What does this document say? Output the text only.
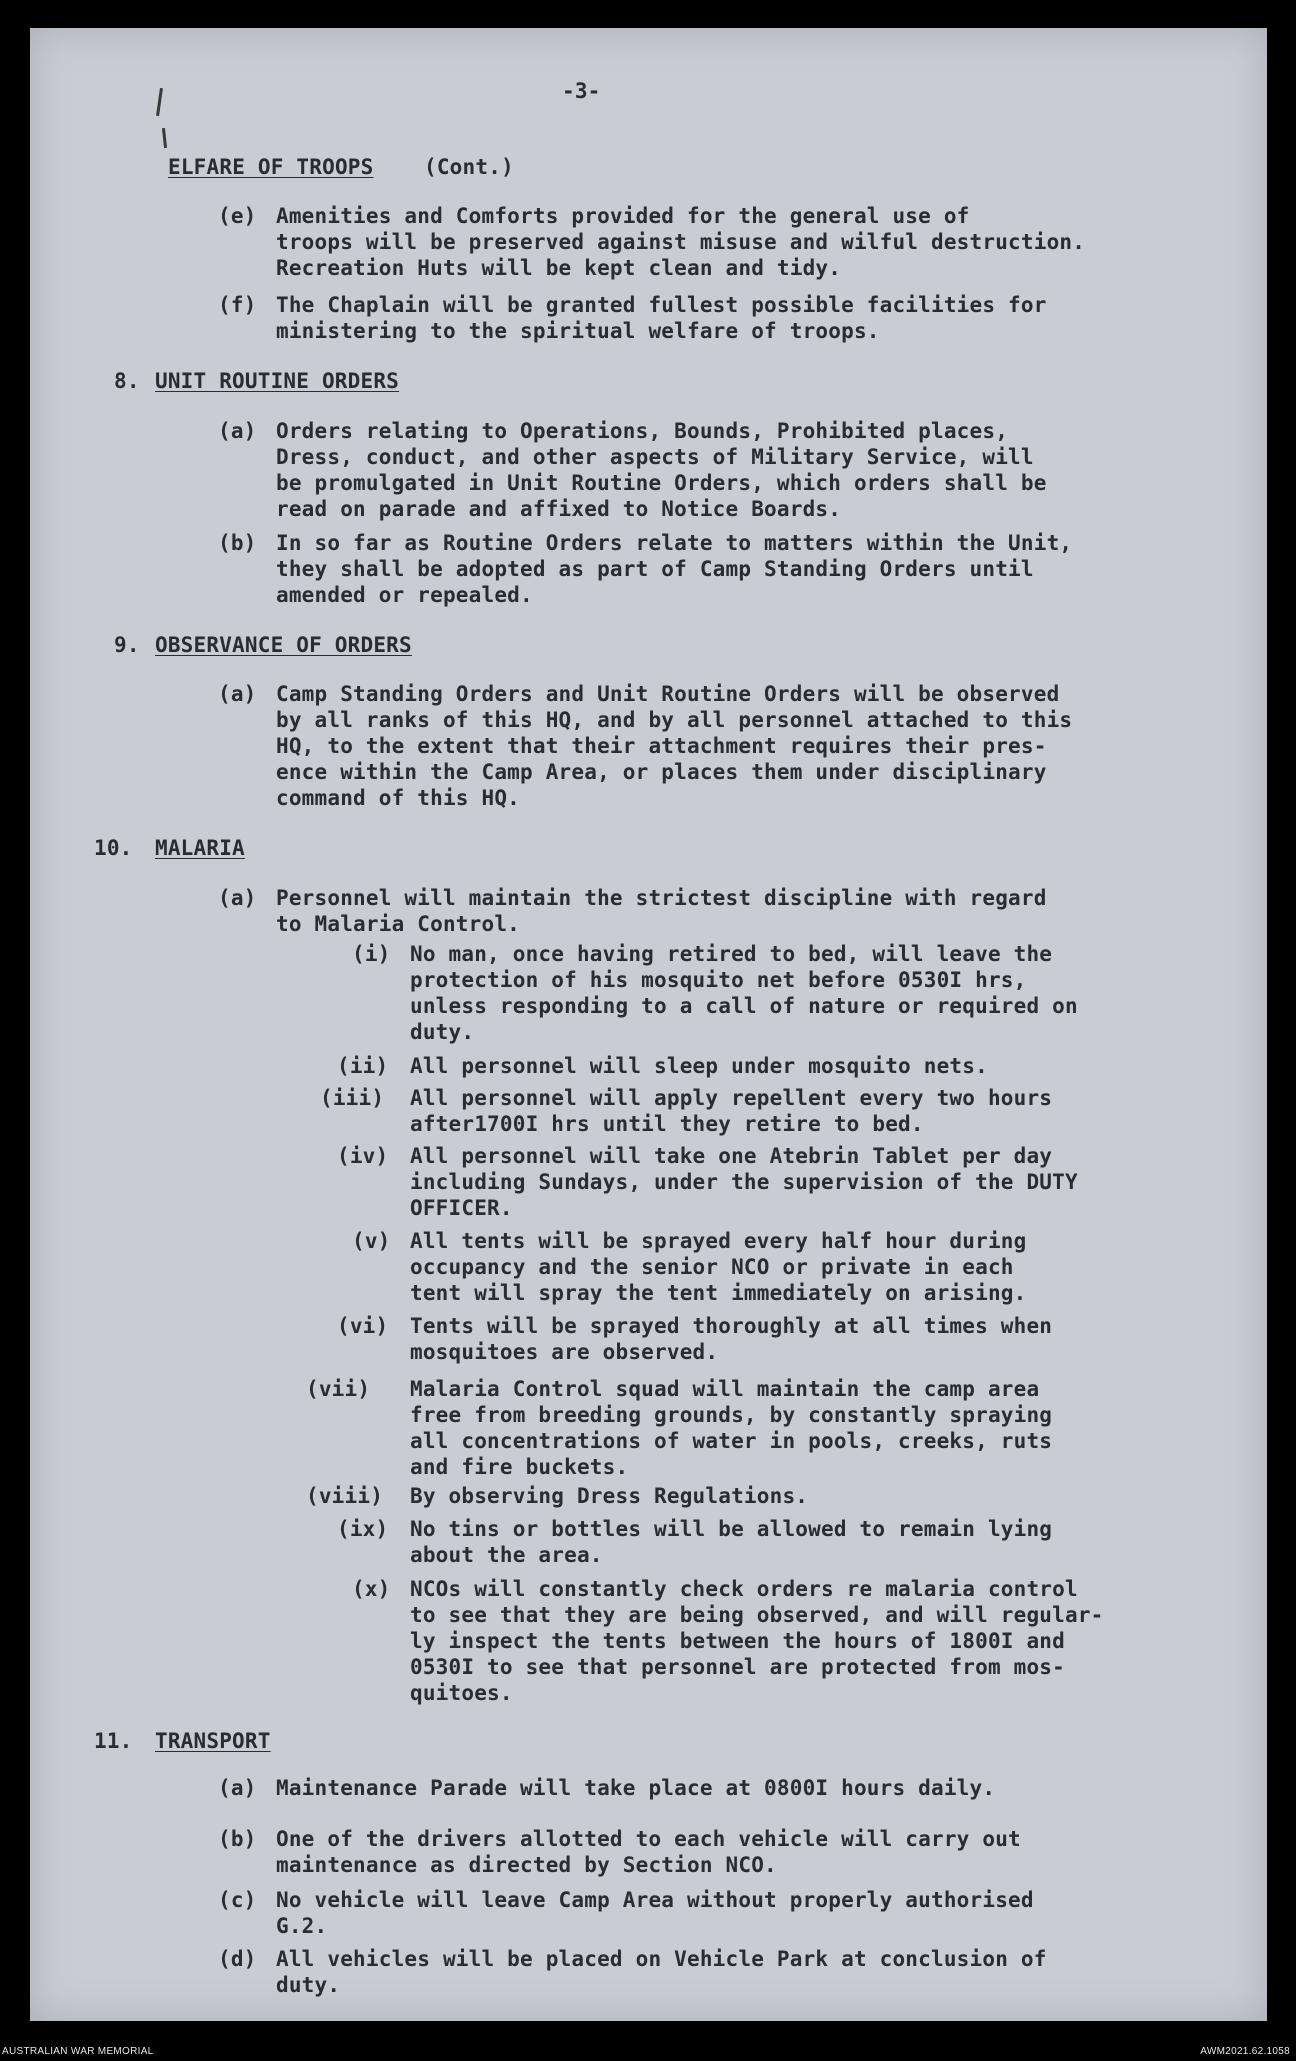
-3-
ELFARE OF TROOPS (Cont.)
(e) Amenities and Comforts provided for the general use of
troops will be preserved against misuse and wilful destruction.
Recreation Huts will be kept clean and tidy.
(f) The Chaplain will be granted fullest possible facilities for
ministering to the spiritual welfare of troops.
8. UNIT ROUTINE ORDERS
(a) Orders relating to Operations, Bounds, Prohibited places,
Dress, conduct, and other aspects of Military Service, will
be promulgated in Unit Routine Orders, which orders shall be
read on parade and affixed to Notice Boards.
(b) In so far as Routine Orders relate to matters within the Unit,
they shall be adopted as part of Camp Standing Orders until
amended or repealed.
9. OBSERVANCE OF ORDERS
(a) Camp Standing Orders and Unit Routine Orders will be observed
by all ranks of this HQ, and by all personnel attached to this
HQ, to the extent that their attachment requires their pres-
ence within the Camp Area, or places them under disciplinary
command of this HQ.
10. MALARIA
(a) Personnel will maintain the strictest discipline with regard
to Malaria Control.
(i) No man, once having retired to bed, will leave the
protection of his mosquito net before 0530I hrs,
unless responding to a call of nature or required on
duty.
(ii) All personnel will sleep under mosquito nets.
(iii) All personnel will apply repellent every two hours
after1700I hrs until they retire to bed.
(iv) All personnel will take one Atebrin Tablet per day
including Sundays, under the supervision of the DUTY
OFFICER.
(v) All tents will be sprayed every half hour during
occupancy and the senior NCO or private in each
tent will spray the tent immediately on arising.
(vi) Tents will be sprayed thoroughly at all times when
mosquitoes are observed.
(vii) Malaria Control squad will maintain the camp area
free from breeding grounds, by constantly spraying
all concentrations of water in pools, creeks, ruts
and fire buckets.
(viii) By observing Dress Regulations.
(ix) No tins or bottles will be allowed to remain lying
about the area.
(x) NCOs will constantly check orders re malaria control
to see that they are being observed, and will regular-
ly inspect the tents between the hours of 1800I and
0530I to see that personnel are protected from mos-
quitoes.
11. TRANSPORT
(a) Maintenance Parade will take place at 0800I hours daily.
(b) One of the drivers allotted to each vehicle will carry out
maintenance as directed by Section NCO.
(c) No vehicle will leave Camp Area without properly authorised
G.2.
(d) All vehicles will be placed on Vehicle Park at conclusion of
duty.
AUSTRALIAN WAR MEMORIAL	AWM2021.62.1058
